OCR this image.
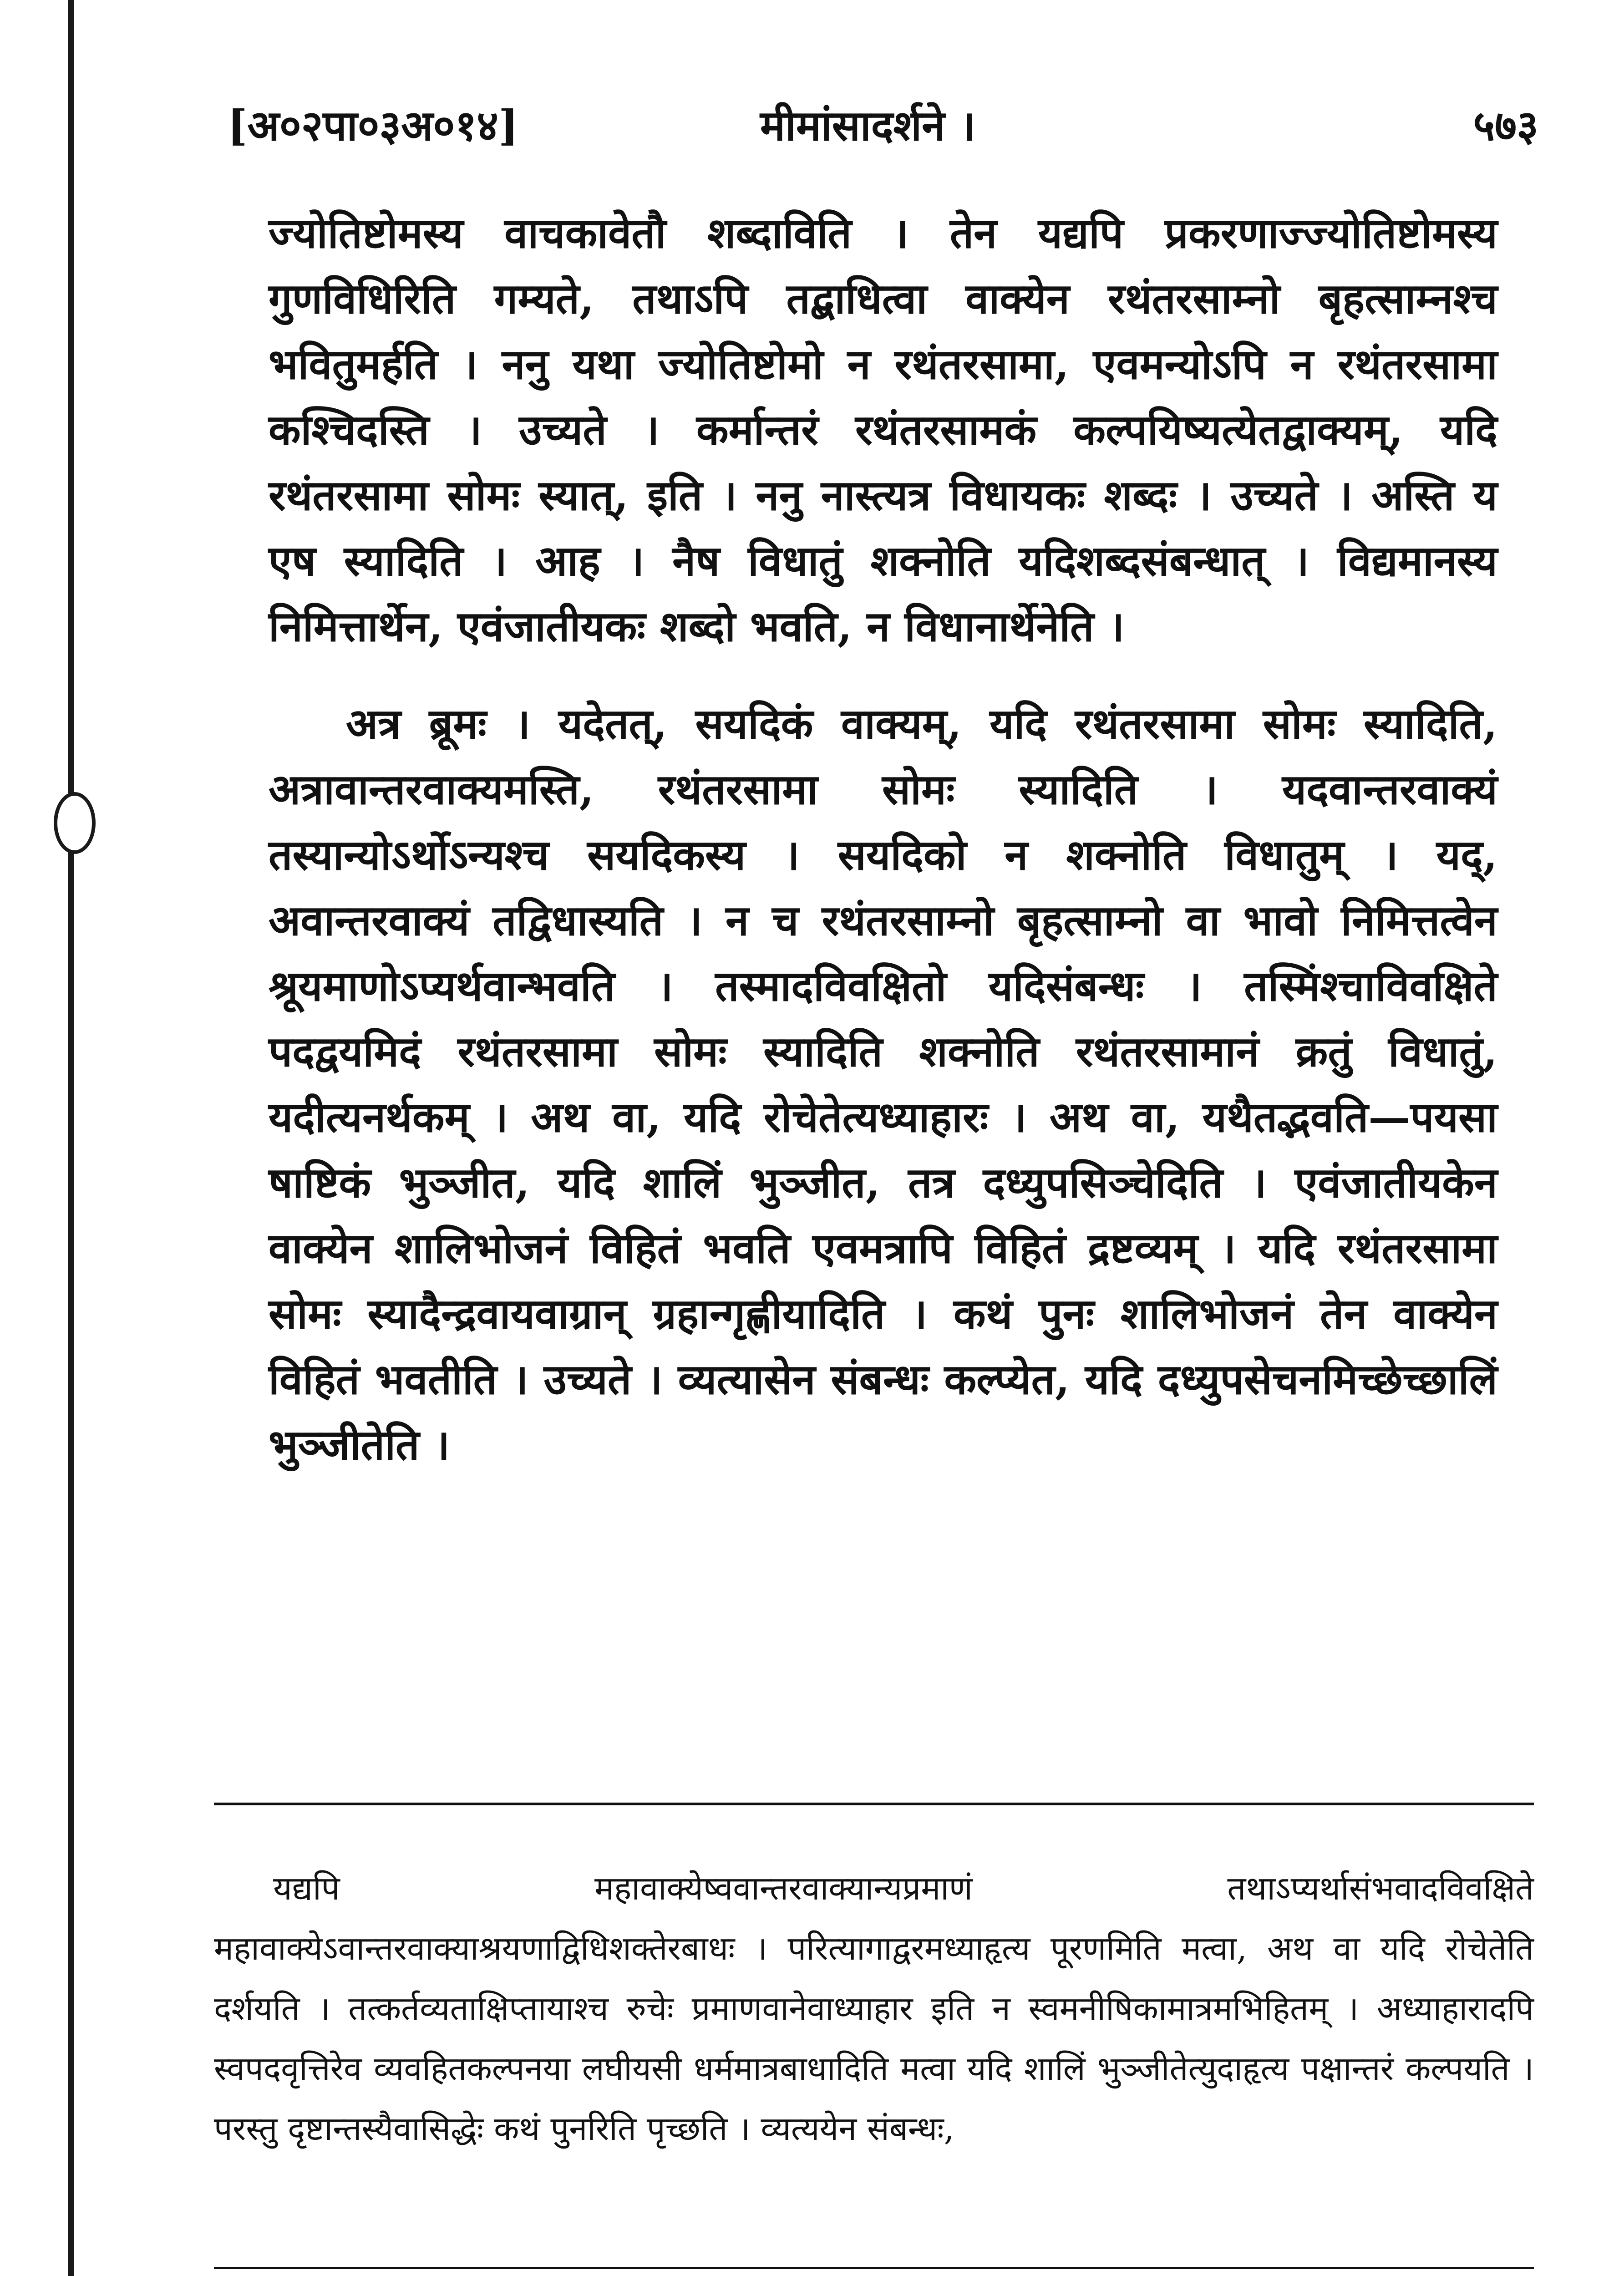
[अ०२पा०३अ०१४]	मीमांसादर्शने ।	५७३

ज्योतिष्टोमस्य वाचकावेतौ शब्दाविति । तेन यद्यपि प्रकरणाज्ज्योतिष्टोमस्य गुणविधिरिति गम्यते, तथाऽपि तद्बाधित्वा वाक्येन रथंतरसाम्नो बृहत्साम्नश्च भवितुमर्हति । ननु यथा ज्योतिष्टोमो न रथंतरसामा, एवमन्योऽपि न रथंतरसामा कश्चिदस्ति । उच्यते । कर्मान्तरं रथंतरसामकं कल्पयिष्यत्येतद्वाक्यम्, यदि रथंतरसामा सोमः स्यात्, इति । ननु नास्त्यत्र विधायकः शब्दः । उच्यते । अस्ति य एष स्यादिति । आह । नैष विधातुं शक्नोति यदिशब्दसंबन्धात् । विद्यमानस्य निमित्तार्थेन, एवंजातीयकः शब्दो भवति, न विधानार्थेनेति ।

अत्र ब्रूमः । यदेतत्, सयदिकं वाक्यम्, यदि रथंतरसामा सोमः स्यादिति, अत्रावान्तरवाक्यमस्ति, रथंतरसामा सोमः स्यादिति । यदवान्तरवाक्यं तस्यान्योऽर्थोऽन्यश्च सयदिकस्य । सयदिको न शक्नोति विधातुम् । यद्, अवान्तरवाक्यं तद्विधास्यति । न च रथंतरसाम्नो बृहत्साम्नो वा भावो निमित्तत्वेन श्रूयमाणोऽप्यर्थवान्भवति । तस्मादविवक्षितो यदिसंबन्धः । तस्मिंश्चाविवक्षिते पदद्वयमिदं रथंतरसामा सोमः स्यादिति शक्नोति रथंतरसामानं क्रतुं विधातुं, यदीत्यनर्थकम् । अथ वा, यदि रोचेतेत्यध्याहारः । अथ वा, यथैतद्भवति—पयसा षाष्टिकं भुञ्जीत, यदि शालिं भुञ्जीत, तत्र दध्युपसिञ्चेदिति । एवंजातीयकेन वाक्येन शालिभोजनं विहितं भवति एवमत्रापि विहितं द्रष्टव्यम् । यदि रथंतरसामा सोमः स्यादैन्द्रवायवाग्रान् ग्रहान्गृह्णीयादिति । कथं पुनः शालिभोजनं तेन वाक्येन विहितं भवतीति । उच्यते । व्यत्यासेन संबन्धः कल्प्येत, यदि दध्युपसेचनमिच्छेच्छालिं भुञ्जीतेति ।

यद्यपि महावाक्येष्ववान्तरवाक्यान्यप्रमाणं तथाऽप्यर्थासंभवादविवक्षिते महावाक्येऽवान्तरवाक्याश्रयणाद्विधिशक्तेरबाधः । परित्यागाद्वरमध्याहृत्य पूरणमिति मत्वा, अथ वा यदि रोचेतेति दर्शयति । तत्कर्तव्यताक्षिप्तायाश्च रुचेः प्रमाणवानेवाध्याहार इति न स्वमनीषिकामात्रमभिहितम् । अध्याहारादपि स्वपदवृत्तिरेव व्यवहितकल्पनया लघीयसी धर्ममात्रबाधादिति मत्वा यदि शालिं भुञ्जीतेत्युदाहृत्य पक्षान्तरं कल्पयति । परस्तु दृष्टान्तस्यैवासिद्धेः कथं पुनरिति पृच्छति । व्यत्ययेन संबन्धः,
